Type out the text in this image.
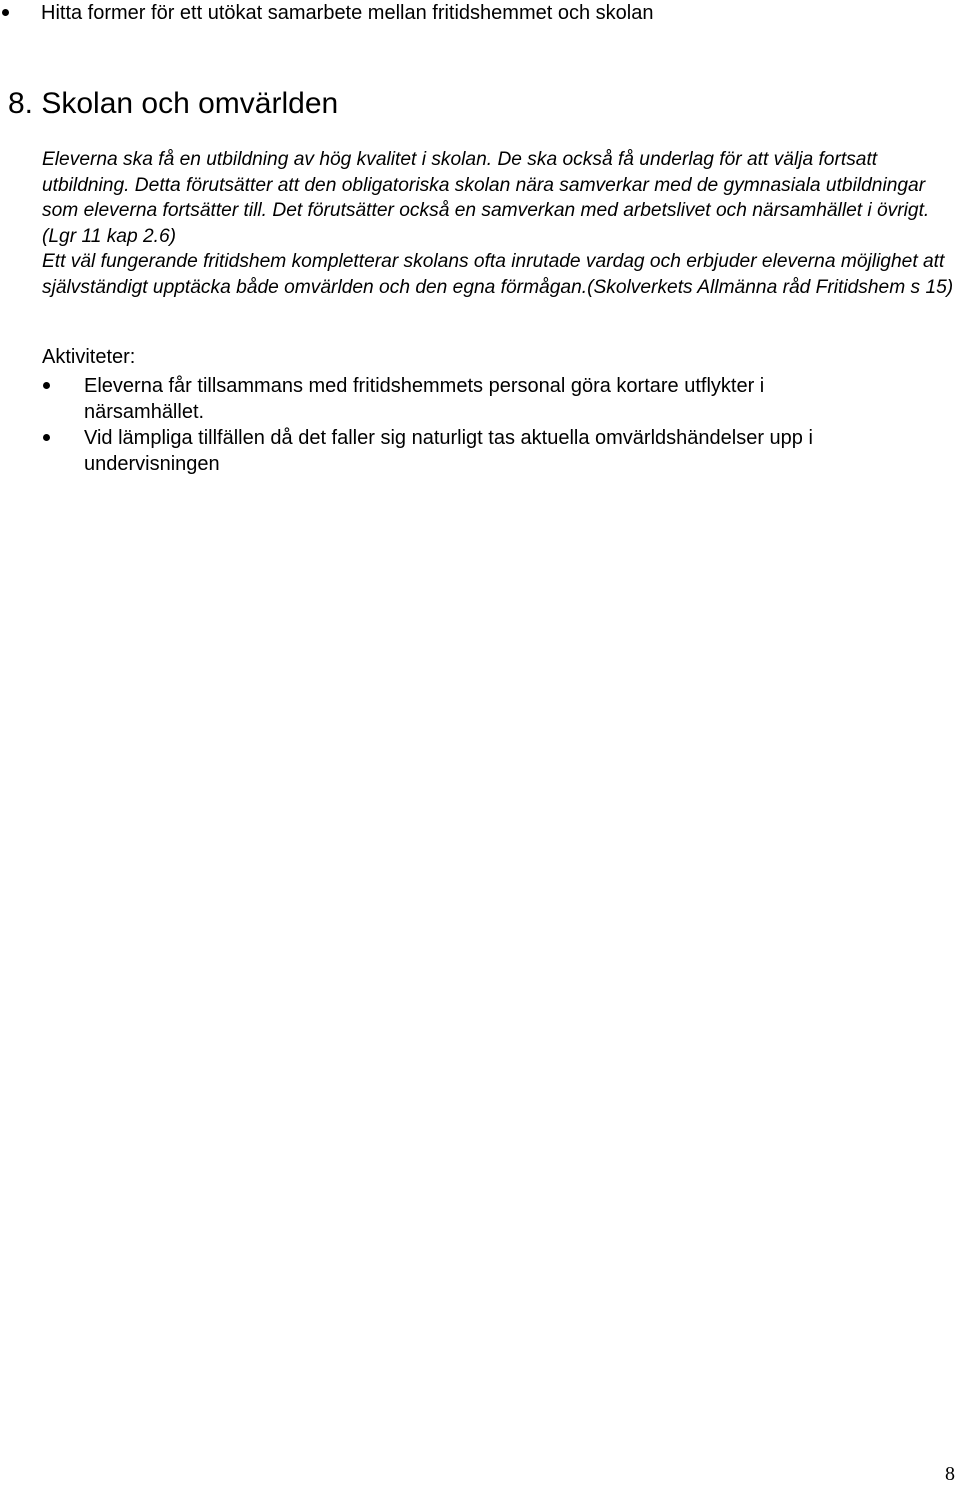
Hitta former för ett utökat samarbete mellan fritidshemmet och skolan
8. Skolan och omvärlden

Eleverna ska få en utbildning av hög kvalitet i skolan. De ska också få underlag för att välja fortsatt utbildning. Detta förutsätter att den obligatoriska skolan nära samverkar med de gymnasiala utbildningar som eleverna fortsätter till. Det förutsätter också en samverkan med arbetslivet och närsamhället i övrigt.(Lgr 11 kap 2.6)

Ett väl fungerande fritidshem kompletterar skolans ofta inrutade vardag och erbjuder eleverna möjlighet att självständigt upptäcka både omvärlden och den egna förmågan.(Skolverkets Allmänna råd Fritidshem s 15)

Aktiviteter:
Eleverna får tillsammans med fritidshemmets personal göra kortare utflykter i närsamhället.
Vid lämpliga tillfällen då det faller sig naturligt tas aktuella omvärldshändelser upp i undervisningen
8
